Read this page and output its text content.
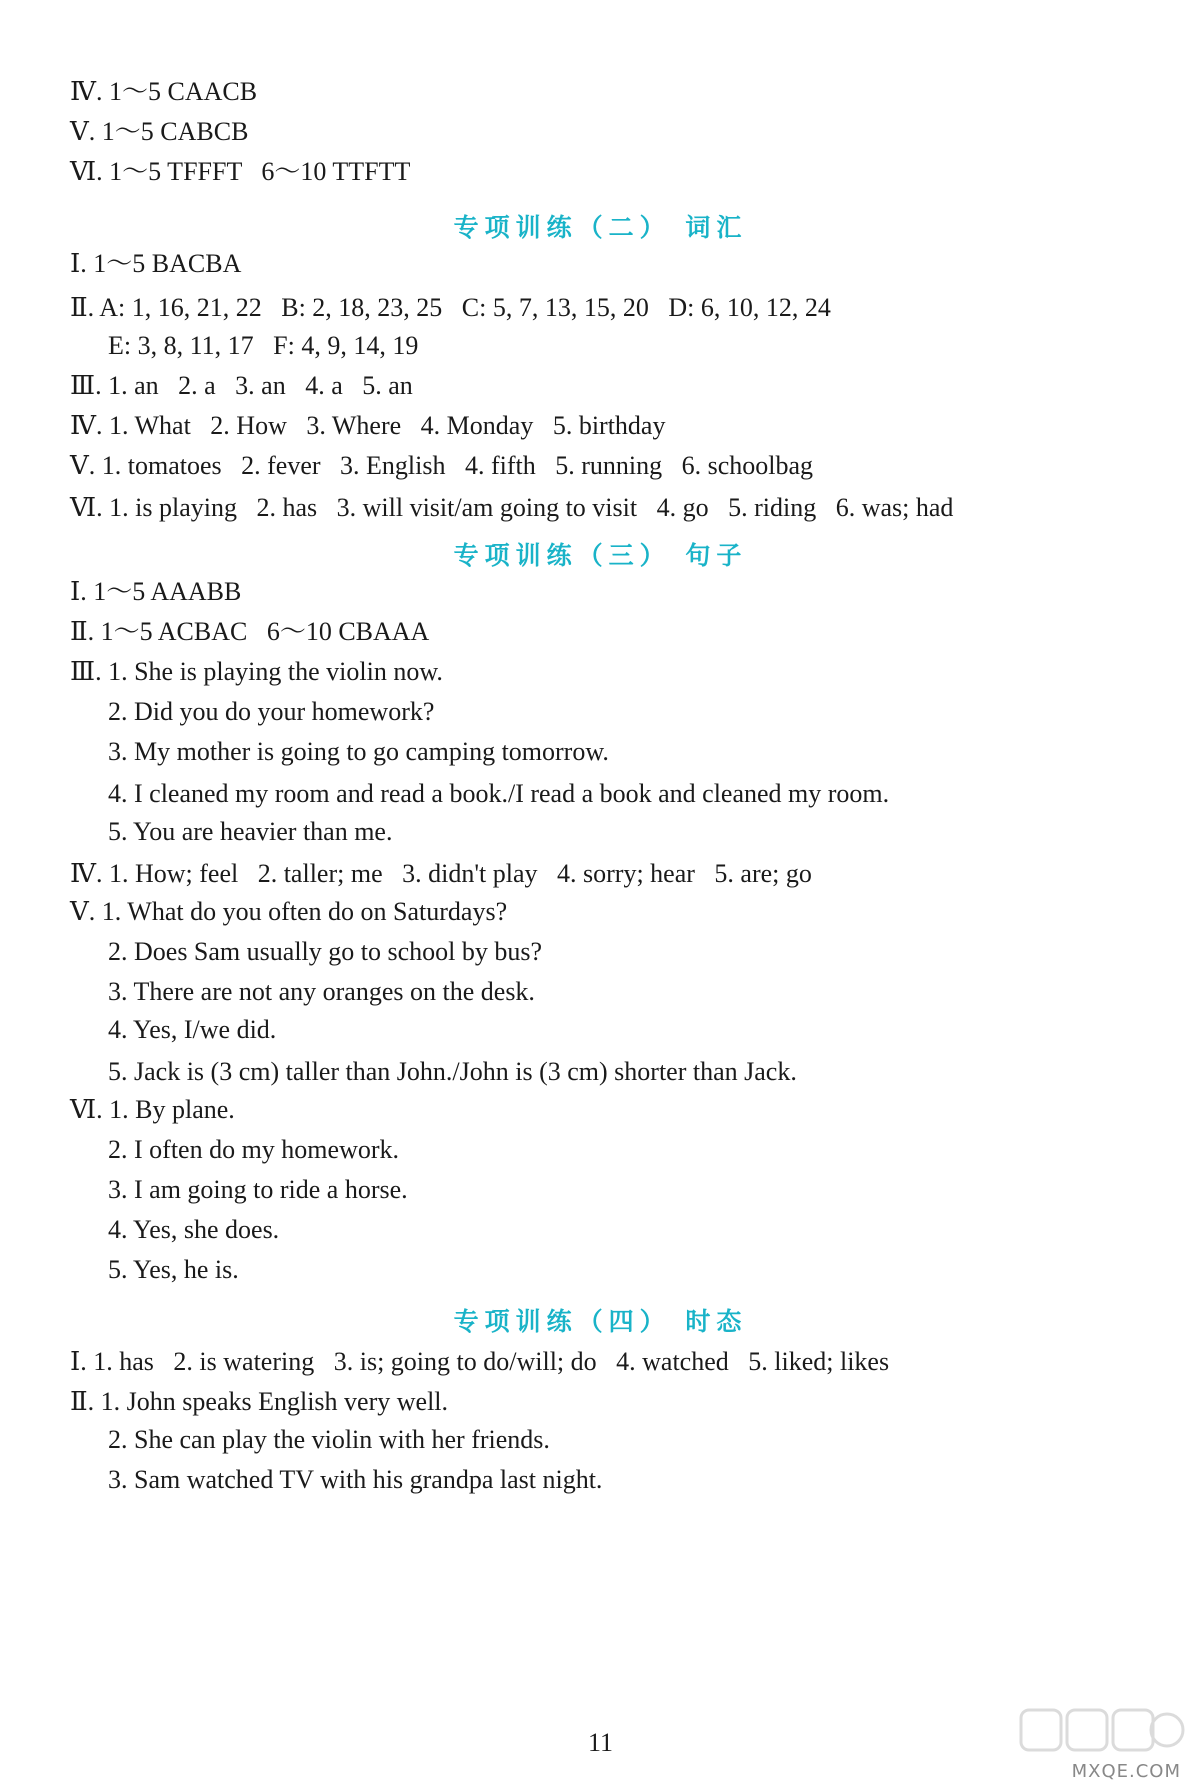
Ⅳ. 1～5 CAACB
Ⅴ. 1～5 CABCB
Ⅵ. 1～5 TFFFT   6～10 TTFTT
专项训练（二） 词汇
Ⅰ. 1～5 BACBA
Ⅱ. A: 1, 16, 21, 22   B: 2, 18, 23, 25   C: 5, 7, 13, 15, 20   D: 6, 10, 12, 24
E: 3, 8, 11, 17   F: 4, 9, 14, 19
Ⅲ. 1. an   2. a   3. an   4. a   5. an
Ⅳ. 1. What   2. How   3. Where   4. Monday   5. birthday
Ⅴ. 1. tomatoes   2. fever   3. English   4. fifth   5. running   6. schoolbag
Ⅵ. 1. is playing   2. has   3. will visit/am going to visit   4. go   5. riding   6. was; had
专项训练（三） 句子
Ⅰ. 1～5 AAABB
Ⅱ. 1～5 ACBAC   6～10 CBAAA
Ⅲ. 1. She is playing the violin now.
2. Did you do your homework?
3. My mother is going to go camping tomorrow.
4. I cleaned my room and read a book./I read a book and cleaned my room.
5. You are heavier than me.
Ⅳ. 1. How; feel   2. taller; me   3. didn't play   4. sorry; hear   5. are; go
Ⅴ. 1. What do you often do on Saturdays?
2. Does Sam usually go to school by bus?
3. There are not any oranges on the desk.
4. Yes, I/we did.
5. Jack is (3 cm) taller than John./John is (3 cm) shorter than Jack.
Ⅵ. 1. By plane.
2. I often do my homework.
3. I am going to ride a horse.
4. Yes, she does.
5. Yes, he is.
专项训练（四） 时态
Ⅰ. 1. has   2. is watering   3. is; going to do/will; do   4. watched   5. liked; likes
Ⅱ. 1. John speaks English very well.
2. She can play the violin with her friends.
3. Sam watched TV with his grandpa last night.
11
MXQE.COM
